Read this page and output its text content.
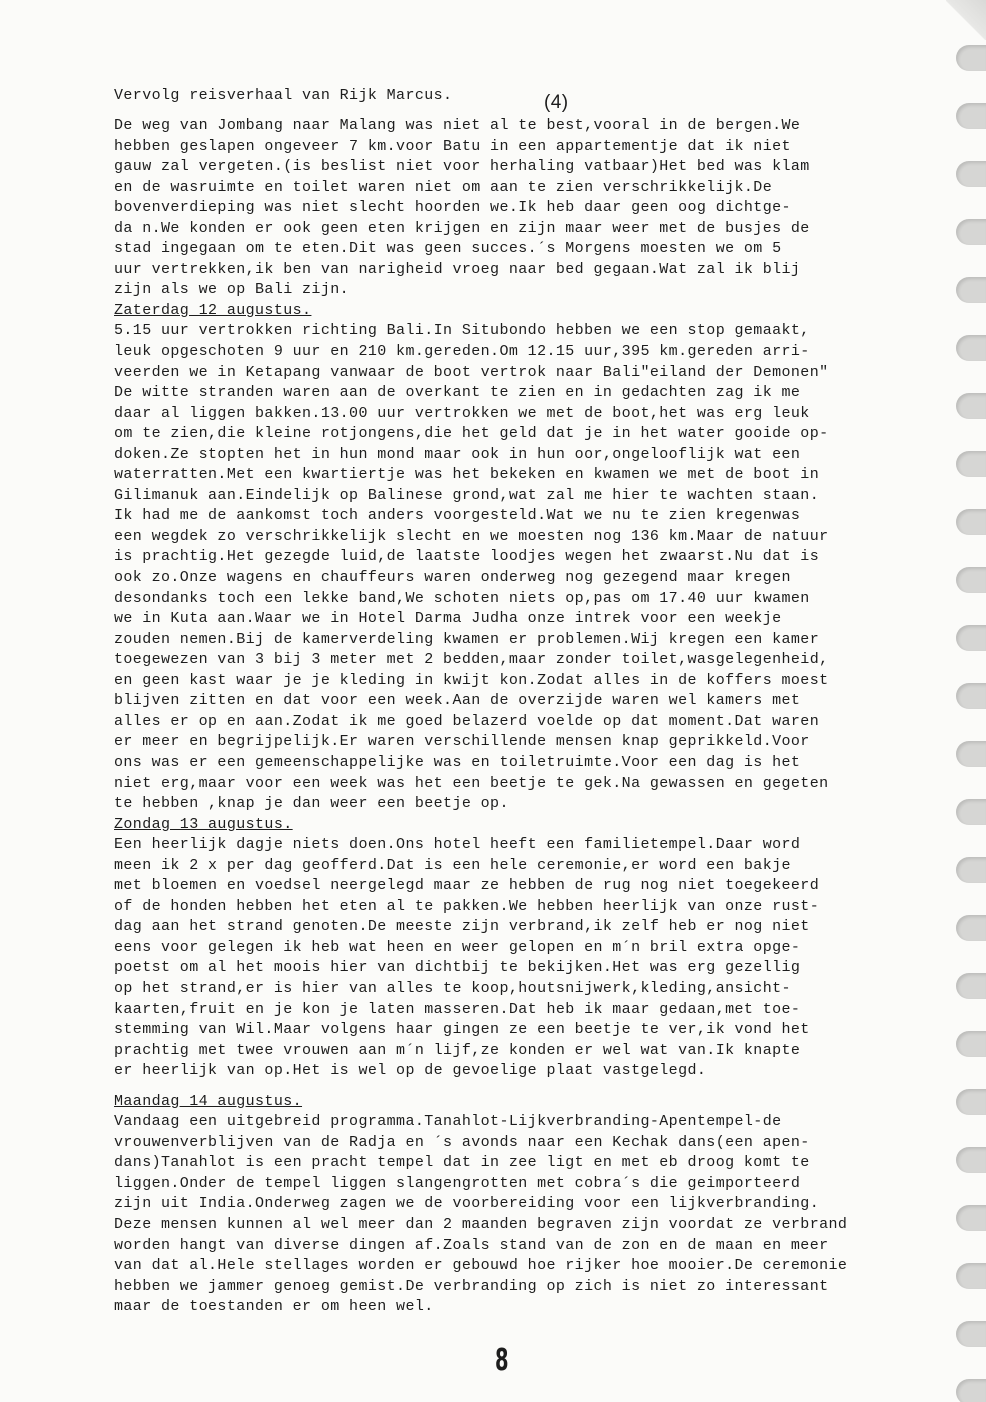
Vervolg reisverhaal van Rijk Marcus.	(4)
De weg van Jombang naar Malang was niet al te best,vooral in de bergen.We
hebben geslapen ongeveer 7 km.voor Batu in een appartementje dat ik niet
gauw zal vergeten.(is beslist niet voor herhaling vatbaar)Het bed was klam
en de wasruimte en toilet waren niet om aan te zien verschrikkelijk.De
bovenverdieping was niet slecht hoorden we.Ik heb daar geen oog dichtge-
da n.We konden er ook geen eten krijgen en zijn maar weer met de busjes de
stad ingegaan om te eten.Dit was geen succes.´s Morgens moesten we om 5
uur vertrekken,ik ben van narigheid vroeg naar bed gegaan.Wat zal ik blij
zijn als we op Bali zijn.
Zaterdag 12 augustus.
5.15 uur vertrokken richting Bali.In Situbondo hebben we een stop gemaakt,
leuk opgeschoten 9 uur en 210 km.gereden.Om 12.15 uur,395 km.gereden arri-
veerden we in Ketapang vanwaar de boot vertrok naar Bali"eiland der Demonen"
De witte stranden waren aan de overkant te zien en in gedachten zag ik me
daar al liggen bakken.13.00 uur vertrokken we met de boot,het was erg leuk
om te zien,die kleine rotjongens,die het geld dat je in het water gooide op-
doken.Ze stopten het in hun mond maar ook in hun oor,ongelooflijk wat een
waterratten.Met een kwartiertje was het bekeken en kwamen we met de boot in
Gilimanuk aan.Eindelijk op Balinese grond,wat zal me hier te wachten staan.
Ik had me de aankomst toch anders voorgesteld.Wat we nu te zien kregenwas
een wegdek zo verschrikkelijk slecht en we moesten nog 136 km.Maar de natuur
is prachtig.Het gezegde luid,de laatste loodjes wegen het zwaarst.Nu dat is
ook zo.Onze wagens en chauffeurs waren onderweg nog gezegend maar kregen
desondanks toch een lekke band,We schoten niets op,pas om 17.40 uur kwamen
we in Kuta aan.Waar we in Hotel Darma Judha onze intrek voor een weekje
zouden nemen.Bij de kamerverdeling kwamen er problemen.Wij kregen een kamer
toegewezen van 3 bij 3 meter met 2 bedden,maar zonder toilet,wasgelegenheid,
en geen kast waar je je kleding in kwijt kon.Zodat alles in de koffers moest
blijven zitten en dat voor een week.Aan de overzijde waren wel kamers met
alles er op en aan.Zodat ik me goed belazerd voelde op dat moment.Dat waren
er meer en begrijpelijk.Er waren verschillende mensen knap geprikkeld.Voor
ons was er een gemeenschappelijke was en toiletruimte.Voor een dag is het
niet erg,maar voor een week was het een beetje te gek.Na gewassen en gegeten
te hebben ,knap je dan weer een beetje op.
Zondag 13 augustus.
Een heerlijk dagje niets doen.Ons hotel heeft een familietempel.Daar word
meen ik 2 x per dag geofferd.Dat is een hele ceremonie,er word een bakje
met bloemen en voedsel neergelegd maar ze hebben de rug nog niet toegekeerd
of de honden hebben het eten al te pakken.We hebben heerlijk van onze rust-
dag aan het strand genoten.De meeste zijn verbrand,ik zelf heb er nog niet
eens voor gelegen ik heb wat heen en weer gelopen en m´n bril extra opge-
poetst om al het moois hier van dichtbij te bekijken.Het was erg gezellig
op het strand,er is hier van alles te koop,houtsnijwerk,kleding,ansicht-
kaarten,fruit en je kon je laten masseren.Dat heb ik maar gedaan,met toe-
stemming van Wil.Maar volgens haar gingen ze een beetje te ver,ik vond het
prachtig met twee vrouwen aan m´n lijf,ze konden er wel wat van.Ik knapte
er heerlijk van op.Het is wel op de gevoelige plaat vastgelegd.
Maandag 14 augustus.
Vandaag een uitgebreid programma.Tanahlot-Lijkverbranding-Apentempel-de
vrouwenverblijven van de Radja en ´s avonds naar een Kechak dans(een apen-
dans)Tanahlot is een pracht tempel dat in zee ligt en met eb droog komt te
liggen.Onder de tempel liggen slangengrotten met cobra´s die geimporteerd
zijn uit India.Onderweg zagen we de voorbereiding voor een lijkverbranding.
Deze mensen kunnen al wel meer dan 2 maanden begraven zijn voordat ze verbrand
worden hangt van diverse dingen af.Zoals stand van de zon en de maan en meer
van dat al.Hele stellages worden er gebouwd hoe rijker hoe mooier.De ceremonie
hebben we jammer genoeg gemist.De verbranding op zich is niet zo interessant
maar de toestanden er om heen wel.
8
